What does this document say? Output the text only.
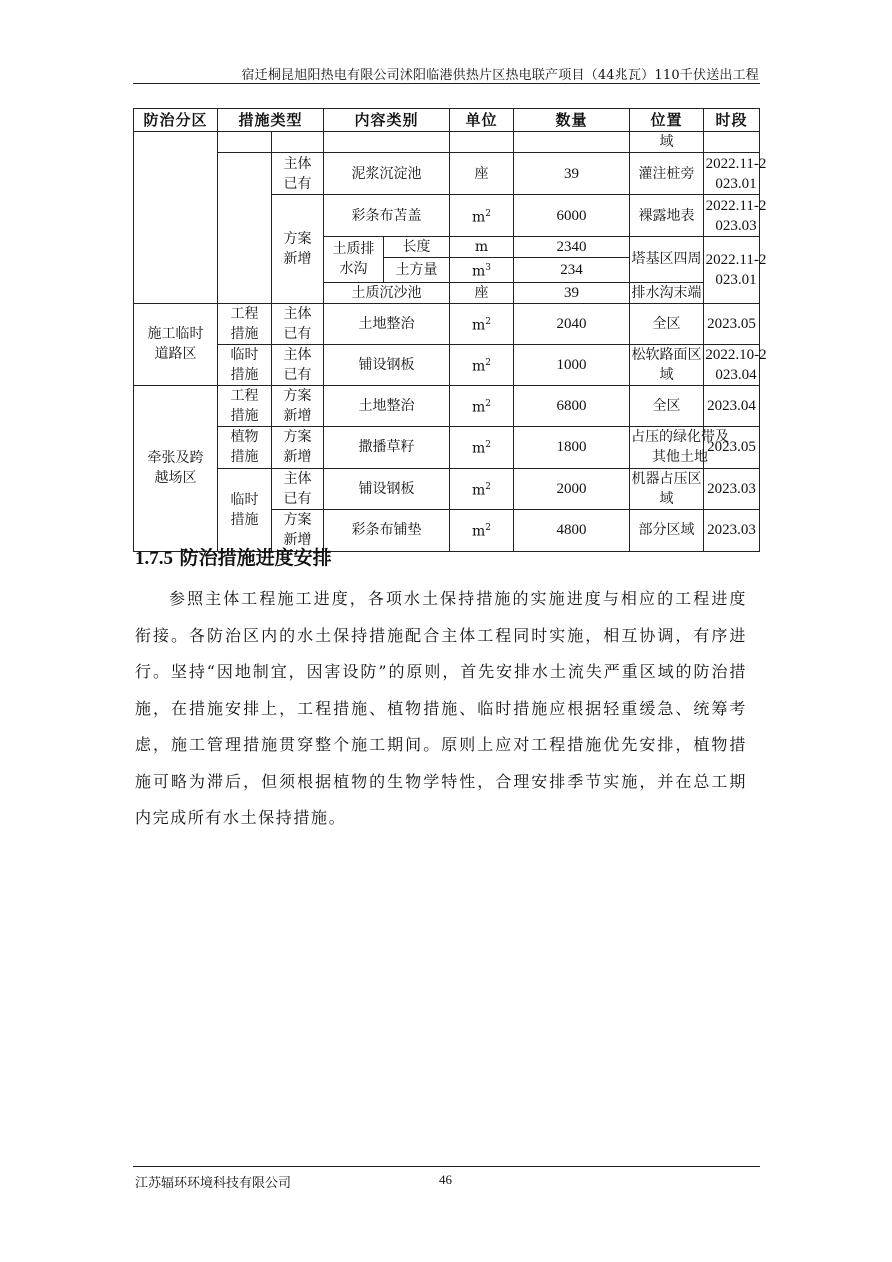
宿迁桐昆旭阳热电有限公司沭阳临港供热片区热电联产项目（44兆瓦）110千伏送出工程
防治分区	措施类型		内容类别		单位	数量	位置	时段
							域	
		主体已有	泥浆沉淀池		座	39	灌注桩旁	2022.11-2023.01
		方案新增	彩条布苫盖		$m^2$	6000	裸露地表	2022.11-2023.03
			土质排水沟	长度	m	2340	塔基区四周	2022.11-2023.01
				土方量	$m^3$	234		
			土质沉沙池		座	39	排水沟末端	
施工临时道路区	工程措施	主体已有	土地整治		$m^2$	2040	全区	2023.05
	临时措施	主体已有	铺设钢板		$m^2$	1000	松软路面区域	2022.10-2023.04
牵张及跨越场区	工程措施	方案新增	土地整治		$m^2$	6800	全区	2023.04
	植物措施	方案新增	撒播草籽		$m^2$	1800	占压的绿化带及其他土地	2023.05
	临时措施	主体已有	铺设钢板		$m^2$	2000	机器占压区域	2023.03
		方案新增	彩条布铺垫		$m^2$	4800	部分区域	2023.03
1.7.5 防治措施进度安排
参照主体工程施工进度，各项水土保持措施的实施进度与相应的工程进度衔接。各防治区内的水土保持措施配合主体工程同时实施，相互协调，有序进行。坚持“因地制宜，因害设防”的原则，首先安排水土流失严重区域的防治措施，在措施安排上，工程措施、植物措施、临时措施应根据轻重缓急、统筹考虑，施工管理措施贯穿整个施工期间。原则上应对工程措施优先安排，植物措施可略为滞后，但须根据植物的生物学特性，合理安排季节实施，并在总工期内完成所有水土保持措施。
江苏辐环环境科技有限公司	46
